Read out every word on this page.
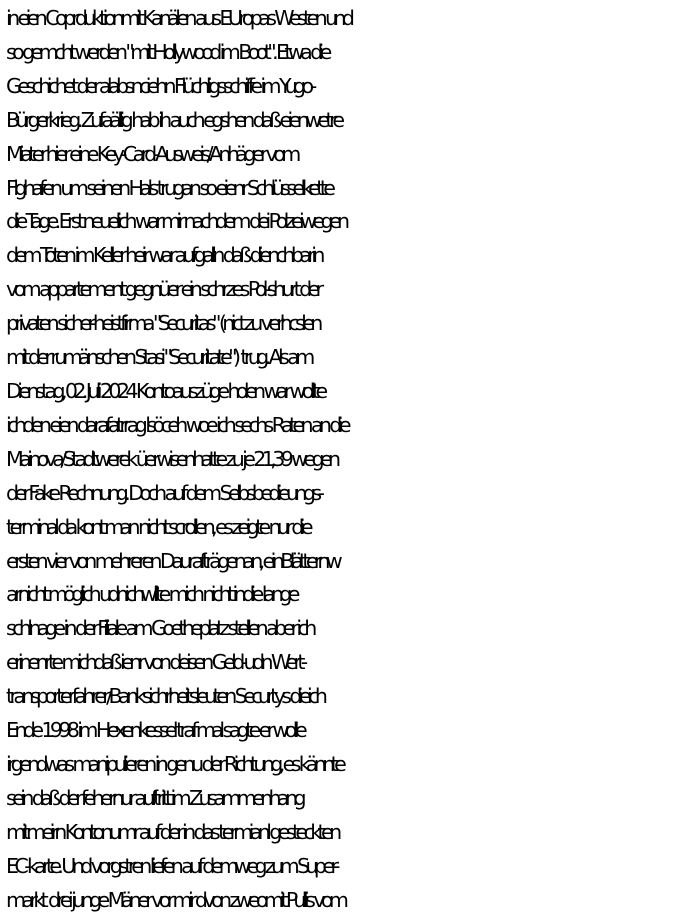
in eien Coprduktionmit Kanälen aus EUropas Westen und
so gemcht werden "mit Hollywood im Boot". Etwa die
Geschichet der alabsnciehn Flüchligsschiffe im Yugo-
Bürgerkrieg. Zufaällig hab ih auch egshen daß eienwetre
Miater hier eine Key-Card-Ausweis/Anhäger vom
Flghafen um seinen Hals trugan so eienr Schlüsselkette
die Tage. Erst neuelich war mir nachdem dei Polzeiwegen
dem Toten im Keller heir war aufgalln daß dienchbarin
vom appartement gegnüer ein schrzes Pol-shurt der
privaten sicher-heistfirma "Securitas" (nict zu verhcslen
mit der rumänschen Stasi "Securitate")  trug. Als am
Dienstag, 02. Juli 2024 Kontoauszüge holen war wollte
ichden eien darafatrrag lsöceh woe ich sechs Raten an die
Mainova/Stadtwerek üerwisenhatte zu je 21,39 wegen
der Fake Rechnung. Doch auf dem Selbsbedieungs-
terminal da kont man nicht scrollen, es zeigte nur die
ersten vier von mehreren Daurafträgenan, einBlätternw
arnicht möglich udnichwllte mich nicht indie lange
schlnage in der Filiale am Goetheplatz stellen aber ich
erinenrte michdaß ienr von deisen Geld-udn Wert-
transporterfahrer/Banksichrheitsleuten Securtys dieich
Ende 1998 im Hexenkessel traf mal sagte er wolle
irgendwas manipulieren in genu der Richtung, es kännte
sein daß der fehernur auftritt im Zusammenhang
mitmeirn Kontonumr auf der in das termianl gesteckten
EC-karte. Und vorgstren liefen auf demweg zum Super-
markt  drei junge Mäner vor mir dvon zweomit Pullis vom
